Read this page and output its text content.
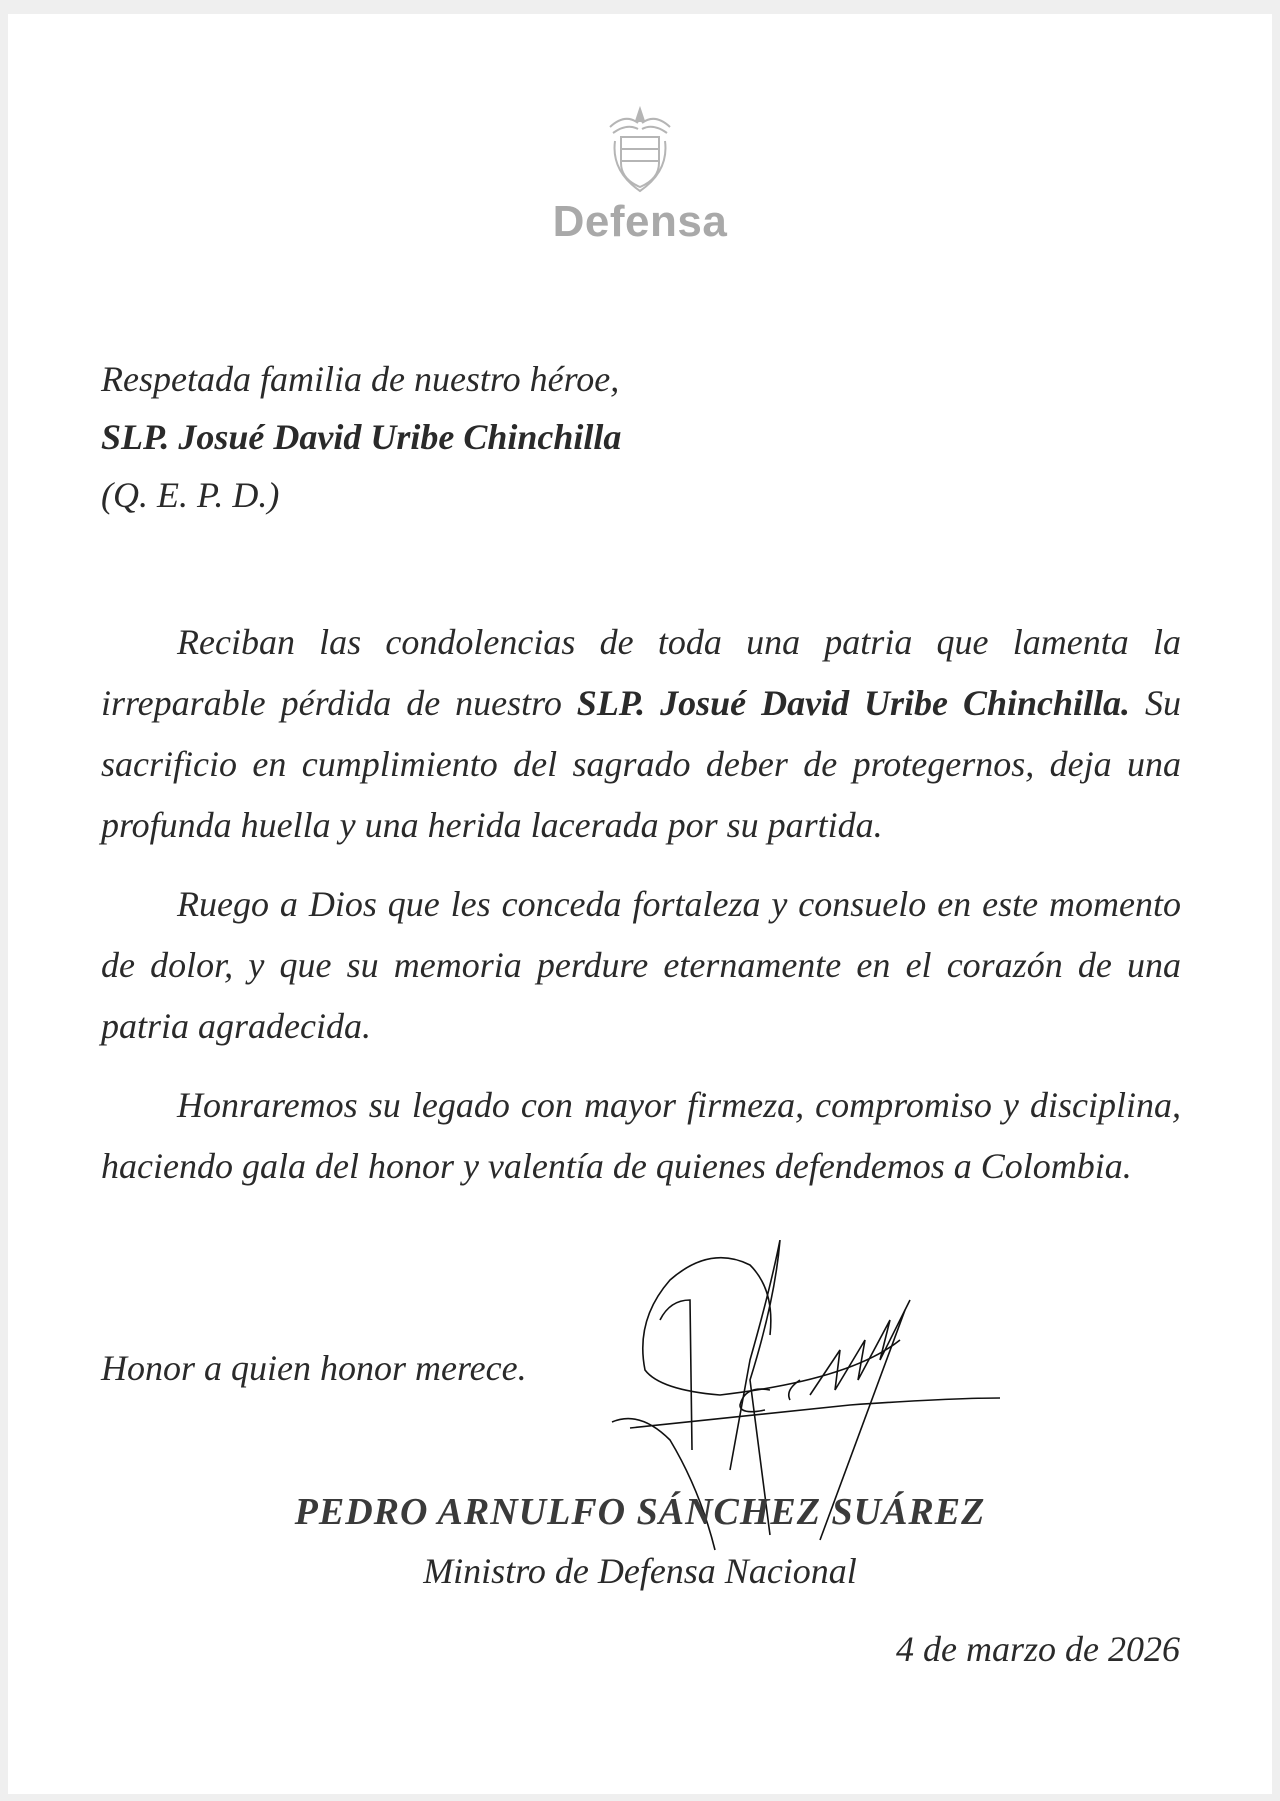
Defensa
Respetada familia de nuestro héroe,
SLP. Josué David Uribe Chinchilla
(Q. E. P. D.)

Reciban las condolencias de toda una patria que lamenta la irreparable pérdida de nuestro SLP. Josué David Uribe Chinchilla. Su sacrificio en cumplimiento del sagrado deber de protegernos, deja una profunda huella y una herida lacerada por su partida.

Ruego a Dios que les conceda fortaleza y consuelo en este momento de dolor, y que su memoria perdure eternamente en el corazón de una patria agradecida.

Honraremos su legado con mayor firmeza, compromiso y disciplina, haciendo gala del honor y valentía de quienes defendemos a Colombia.

Honor a quien honor merece.
PEDRO ARNULFO SÁNCHEZ SUÁREZ
Ministro de Defensa Nacional
4 de marzo de 2026
